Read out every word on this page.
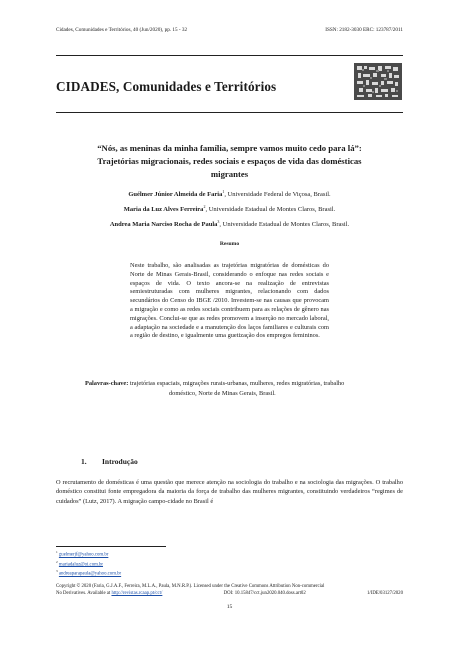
Cidades, Comunidades e Territórios, 40 (Jun/2020), pp. 15 - 32	ISSN: 2182-3030 ERC: 123787/2011
CIDADES, Comunidades e Territórios
“Nós, as meninas da minha família, sempre vamos muito cedo para lá”:
Trajetórias migracionais, redes sociais e espaços de vida das domésticas
migrantes
Guélmer Júnior Almeida de Faria$^1$, Universidade Federal de Viçosa, Brasil.
Maria da Luz Alves Ferreira$^2$, Universidade Estadual de Montes Claros, Brasil.
Andrea Maria Narciso Rocha de Paula$^3$, Universidade Estadual de Montes Claros, Brasil.
Resumo
Neste trabalho, são analisadas as trajetórias migratórias de domésticas do Norte de Minas Gerais-Brasil, considerando o enfoque nas redes sociais e espaços de vida. O texto ancora-se na realização de entrevistas semiestruturadas com mulheres migrantes, relacionando com dados secundários do Censo do IBGE /2010. Investem-se nas causas que provocam a migração e como as redes sociais contribuem para as relações de gênero nas migrações. Conclui-se que as redes promovem a inserção no mercado laboral, a adaptação na sociedade e a manutenção dos laços familiares e culturais com a região de destino, e igualmente uma guetização dos empregos femininos.
Palavras-chave: trajetórias espaciais, migrações rurais-urbanas, mulheres, redes migratórias, trabalho
doméstico, Norte de Minas Gerais, Brasil.
1. Introdução
O recrutamento de domésticas é uma questão que merece atenção na sociologia do trabalho e na sociologia das migrações. O trabalho doméstico constitui fonte empregadora da maioria da força de trabalho das mulheres migrantes, constituindo verdadeiros “regimes de cuidados” (Lutz, 2017). A migração campo-cidade no Brasil é
$^1$ guelmerjf@yahoo.com.br
$^2$ mariadaluz@oi.com.br
$^3$ andreaparapaula@yahoo.com.br
Copyright © 2020 (Faria, G.J.A.F., Ferreira, M.L.A., Paula, M.N.R.P.). Licensed under the Creative Commons Attribution Non-commercial
No Derivatives. Available at http://revistas.rcaap.pt/cct/	DOI: 10.15847/cct.jun2020.040.doss.art02	1/IDE/03127/2020
15
